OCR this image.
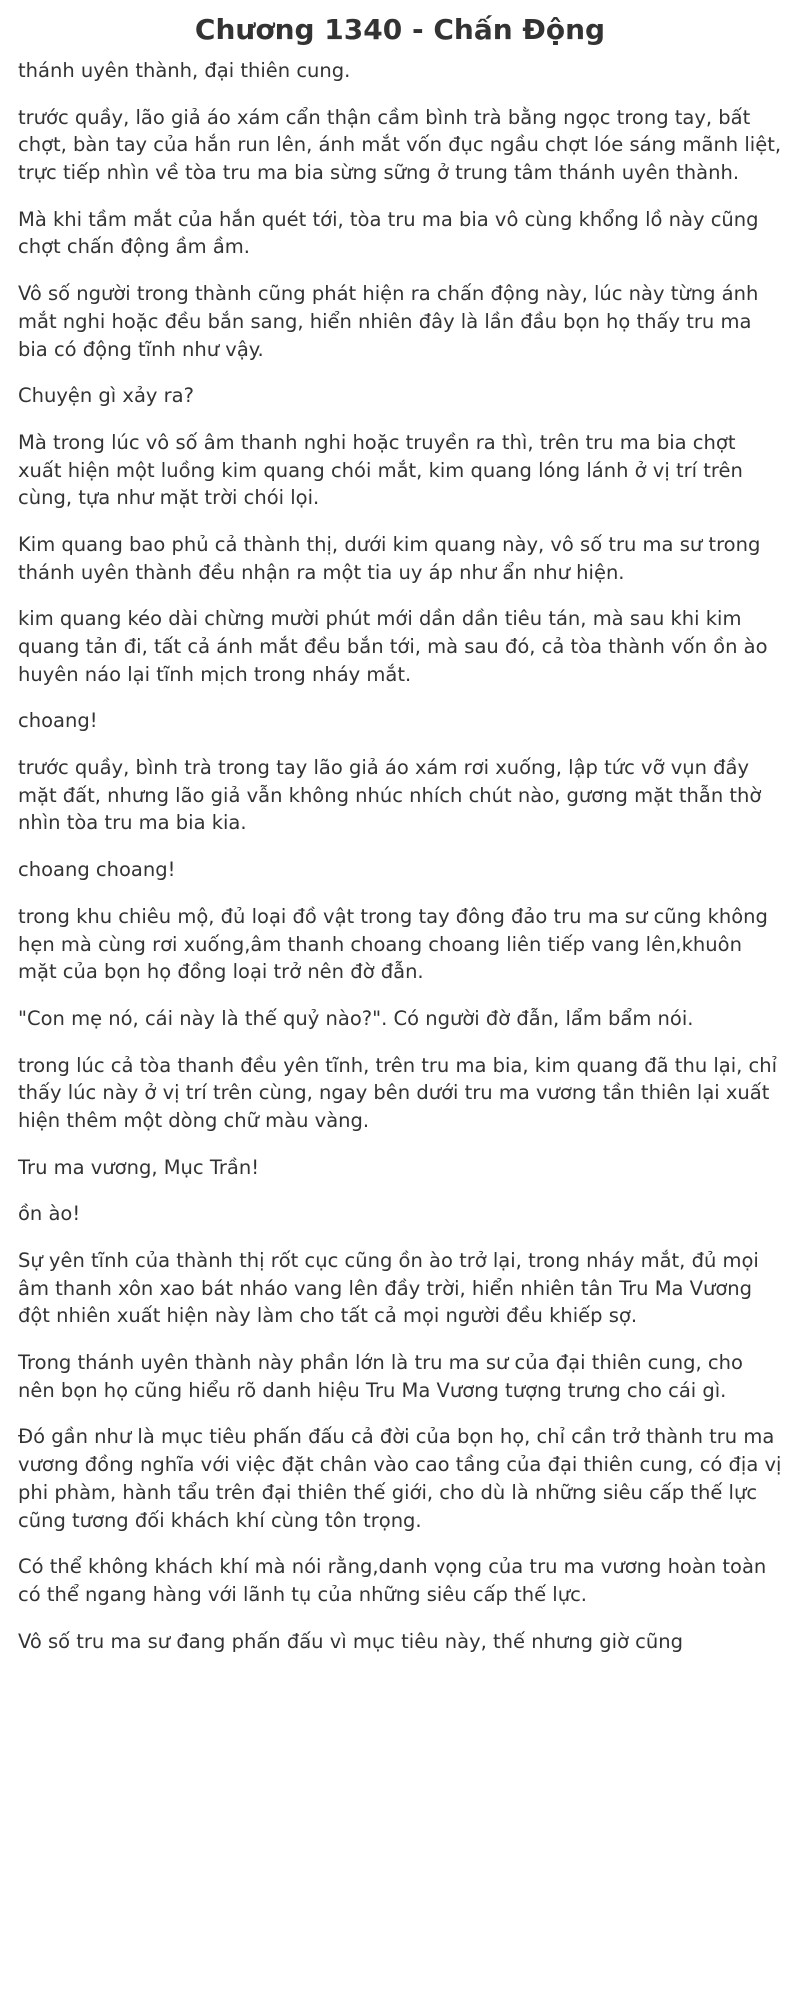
Chương 1340 - Chấn Động

thánh uyên thành, đại thiên cung.

trước quầy, lão giả áo xám cẩn thận cầm bình trà bằng ngọc trong tay, bất chợt, bàn tay của hắn run lên, ánh mắt vốn đục ngầu chợt lóe sáng mãnh liệt, trực tiếp nhìn về tòa tru ma bia sừng sững ở trung tâm thánh uyên thành.

Mà khi tầm mắt của hắn quét tới, tòa tru ma bia vô cùng khổng lồ này cũng chợt chấn động ầm ầm.

Vô số người trong thành cũng phát hiện ra chấn động này, lúc này từng ánh mắt nghi hoặc đều bắn sang, hiển nhiên đây là lần đầu bọn họ thấy tru ma bia có động tĩnh như vậy.

Chuyện gì xảy ra?

Mà trong lúc vô số âm thanh nghi hoặc truyền ra thì, trên tru ma bia chợt xuất hiện một luồng kim quang chói mắt, kim quang lóng lánh ở vị trí trên cùng, tựa như mặt trời chói lọi.

Kim quang bao phủ cả thành thị, dưới kim quang này, vô số tru ma sư trong thánh uyên thành đều nhận ra một tia uy áp như ẩn như hiện.

kim quang kéo dài chừng mười phút mới dần dần tiêu tán, mà sau khi kim quang tản đi, tất cả ánh mắt đều bắn tới, mà sau đó, cả tòa thành vốn ồn ào huyên náo lại tĩnh mịch trong nháy mắt.

choang!

trước quầy, bình trà trong tay lão giả áo xám rơi xuống, lập tức vỡ vụn đầy mặt đất, nhưng lão giả vẫn không nhúc nhích chút nào, gương mặt thẫn thờ nhìn tòa tru ma bia kia.

choang choang!

trong khu chiêu mộ, đủ loại đồ vật trong tay đông đảo tru ma sư cũng không hẹn mà cùng rơi xuống,âm thanh choang choang liên tiếp vang lên,khuôn mặt của bọn họ đồng loại trở nên đờ đẫn.

"Con mẹ nó, cái này là thế quỷ nào?". Có người đờ đẫn, lẩm bẩm nói.

trong lúc cả tòa thanh đều yên tĩnh, trên tru ma bia, kim quang đã thu lại, chỉ thấy lúc này ở vị trí trên cùng, ngay bên dưới tru ma vương tần thiên lại xuất hiện thêm một dòng chữ màu vàng.

Tru ma vương, Mục Trần!

ồn ào!

Sự yên tĩnh của thành thị rốt cục cũng ồn ào trở lại, trong nháy mắt, đủ mọi âm thanh xôn xao bát nháo vang lên đầy trời, hiển nhiên tân Tru Ma Vương đột nhiên xuất hiện này làm cho tất cả mọi người đều khiếp sợ.

Trong thánh uyên thành này phần lớn là tru ma sư của đại thiên cung, cho nên bọn họ cũng hiểu rõ danh hiệu Tru Ma Vương tượng trưng cho cái gì.

Đó gần như là mục tiêu phấn đấu cả đời của bọn họ, chỉ cần trở thành tru ma vương đồng nghĩa với việc đặt chân vào cao tầng của đại thiên cung, có địa vị phi phàm, hành tẩu trên đại thiên thế giới, cho dù là những siêu cấp thế lực cũng tương đối khách khí cùng tôn trọng.

Có thể không khách khí mà nói rằng,danh vọng của tru ma vương hoàn toàn có thể ngang hàng với lãnh tụ của những siêu cấp thế lực.

Vô số tru ma sư đang phấn đấu vì mục tiêu này, thế nhưng giờ cũng
